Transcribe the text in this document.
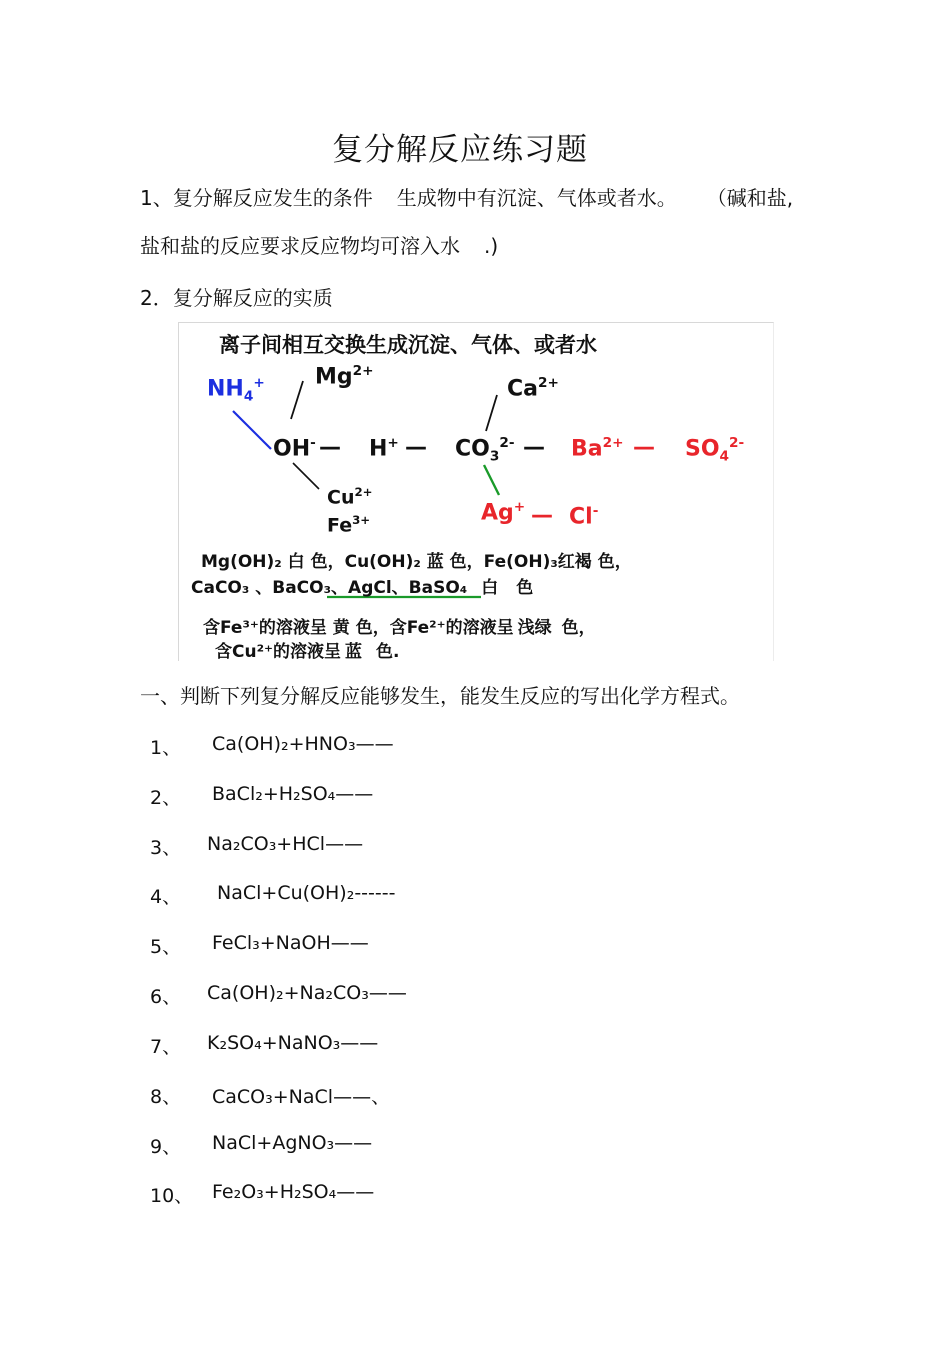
复分解反应练习题
1、复分解反应发生的条件 生成物中有沉淀、气体或者水。 （碱和盐,
盐和盐的反应要求反应物均可溶入水 .)
2．复分解反应的实质
离子间相互交换生成沉淀、气体、或者水
$NH_4^+$ $Mg^{2+}$
OH- — H+ — $CO_3^{2-}$ —
$Ca^{2+}$
$Ba^{2+}$ — $SO_4^{2-}$
$Cu^{2+}$
$Fe^{3+}$	Ag+ — Cl-
Mg(OH)₂ 白 色，Cu(OH)₂ 蓝 色，Fe(OH)₃红褐 色，
CaCO₃ 、BaCO₃、AgCl、BaSO₄ 白 色
含Fe³⁺的溶液呈 黄 色，含Fe²⁺的溶液呈 浅绿 色，
含Cu²⁺的溶液呈 蓝 色.
一、判断下列复分解反应能够发生，能发生反应的写出化学方程式。
1、 Ca(OH)₂+HNO₃——
2、 BaCl₂+H₂SO₄——
3、 Na₂CO₃+HCl——
4、 NaCl+Cu(OH)₂------
5、 FeCl₃+NaOH——
6、 Ca(OH)₂+Na₂CO₃——
7、 K₂SO₄+NaNO₃——
8、 CaCO₃+NaCl——、
9、 NaCl+AgNO₃——
10、 Fe₂O₃+H₂SO₄——
